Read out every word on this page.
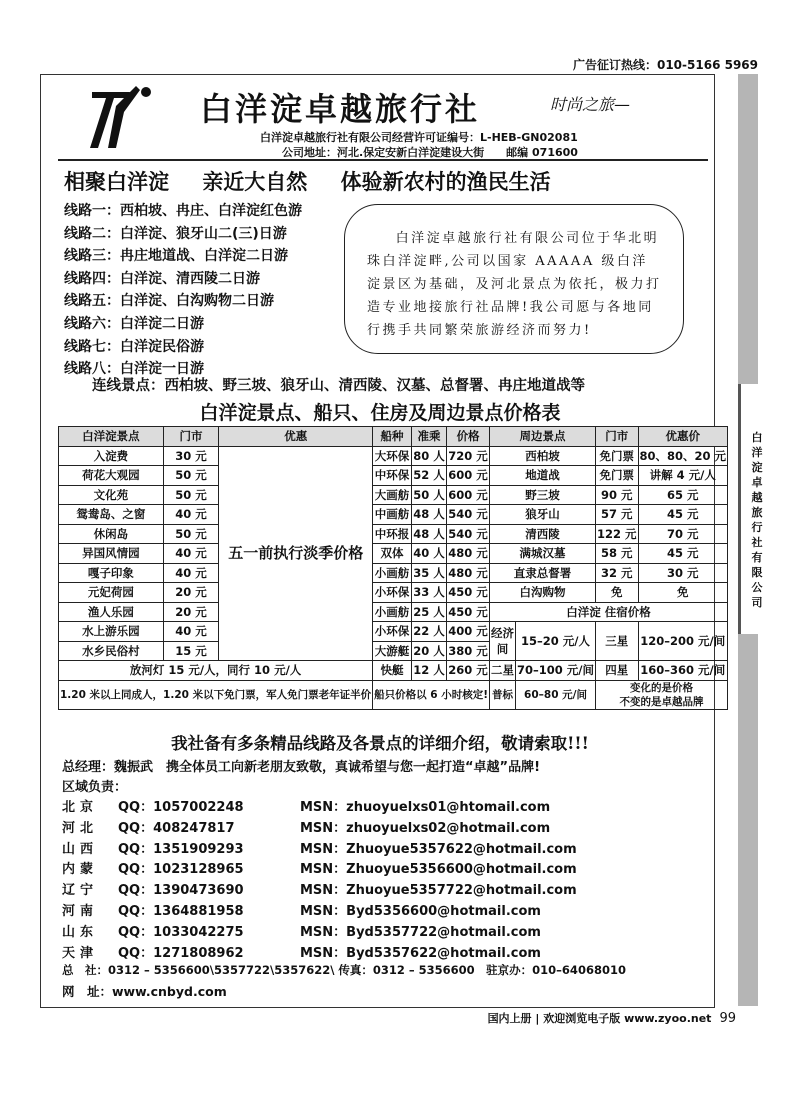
广告征订热线：010-5166 5969
白洋淀卓越旅行社有限公司
白洋淀卓越旅行社	时尚之旅—
白洋淀卓越旅行社有限公司经营许可证编号：L-HEB-GN02081
公司地址：河北.保定安新白洋淀建设大街　　邮编 071600
相聚白洋淀 亲近大自然 体验新农村的渔民生活
线路一：西柏坡、冉庄、白洋淀红色游
线路二：白洋淀、狼牙山二(三)日游
线路三：冉庄地道战、白洋淀二日游
线路四：白洋淀、清西陵二日游
线路五：白洋淀、白沟购物二日游
线路六：白洋淀二日游
线路七：白洋淀民俗游
线路八：白洋淀一日游
白洋淀卓越旅行社有限公司位于华北明珠白洋淀畔,公司以国家 AAAAA 级白洋淀景区为基础，及河北景点为依托，极力打造专业地接旅行社品牌!我公司愿与各地同行携手共同繁荣旅游经济而努力!
连线景点：西柏坡、野三坡、狼牙山、清西陵、汉墓、总督署、冉庄地道战等
白洋淀景点、船只、住房及周边景点价格表
白洋淀景点	门市	优惠	船种	准乘	价格	周边景点		门市	优惠价
入淀费	30 元	五一前执行淡季价格	大环保	80 人	720 元	西柏坡		免门票	80、80、20 元
荷花大观园	50 元		中环保	52 人	600 元	地道战		免门票	讲解 4 元/人
文化苑	50 元		大画舫	50 人	600 元	野三坡		90 元	65 元
鸳鸯岛、之窗	40 元		中画舫	48 人	540 元	狼牙山		57 元	45 元
休闲岛	50 元		中环报	48 人	540 元	清西陵		122 元	70 元
异国风情园	40 元		双体	40 人	480 元	满城汉墓		58 元	45 元
嘎子印象	40 元		小画舫	35 人	480 元	直隶总督署		32 元	30 元
元妃荷园	20 元		小环保	33 人	450 元	白沟购物		免	免
渔人乐园	20 元		小画舫	25 人	450 元	白洋淀 住宿价格			
水上游乐园	40 元		小环保	22 人	400 元	经济间	15–20 元/人	三星	120–200 元/间
水乡民俗村	15 元		大游艇	20 人	380 元				
放河灯 15 元/人，同行 10 元/人			快艇	12 人	260 元	二星	70–100 元/间	四星	160–360 元/间
1.20 米以上同成人，1.20 米以下免门票，军人免门票老年证半价			船只价格以 6 小时核定!			普标	60–80 元/间	变化的是价格
不变的是卓越品牌	
我社备有多条精品线路及各景点的详细介绍，敬请索取!!!
总经理：魏振武　携全体员工向新老朋友致敬，真诚希望与您一起打造“卓越”品牌!
区域负责：
北京 QQ：1057002248	MSN：zhuoyuelxs01@htomail.com
河北 QQ：408247817	MSN：zhuoyuelxs02@hotmail.com
山西 QQ：1351909293	MSN：Zhuoyue5357622@hotmail.com
内蒙 QQ：1023128965	MSN：Zhuoyue5356600@hotmail.com
辽宁 QQ：1390473690	MSN：Zhuoyue5357722@hotmail.com
河南 QQ：1364881958	MSN：Byd5356600@hotmail.com
山东 QQ：1033042275	MSN：Byd5357722@hotmail.com
天津 QQ：1271808962	MSN：Byd5357622@hotmail.com
总　社：0312 – 5356600\5357722\5357622\ 传真：0312 – 5356600　驻京办：010–64068010
网　址：www.cnbyd.com
国内上册 | 欢迎浏览电子版 www.zyoo.net 99
